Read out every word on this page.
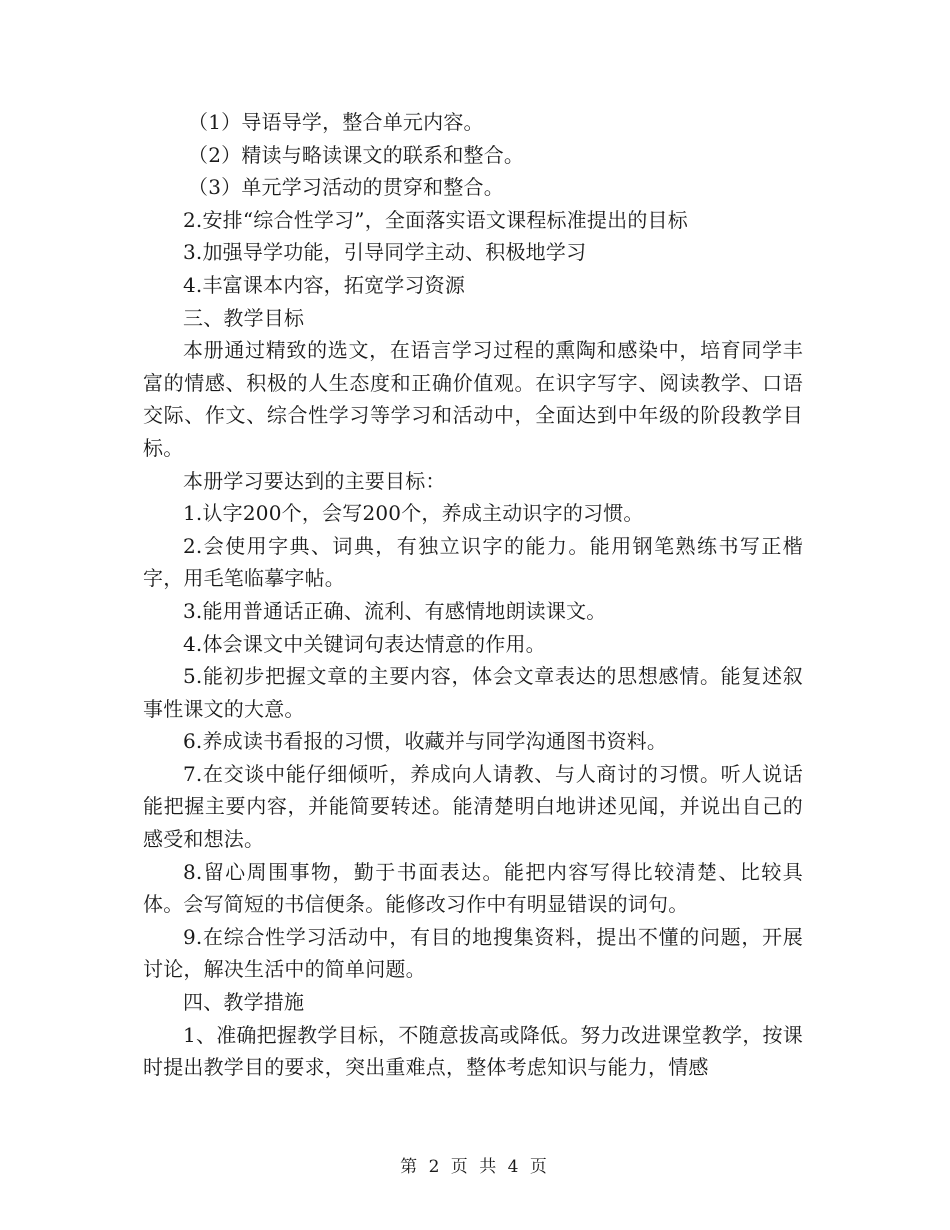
（1）导语导学，整合单元内容。

（2）精读与略读课文的联系和整合。

（3）单元学习活动的贯穿和整合。

2.安排“综合性学习”，全面落实语文课程标准提出的目标

3.加强导学功能，引导同学主动、积极地学习

4.丰富课本内容，拓宽学习资源

三、教学目标

本册通过精致的选文，在语言学习过程的熏陶和感染中，培育同学丰富的情感、积极的人生态度和正确价值观。在识字写字、阅读教学、口语交际、作文、综合性学习等学习和活动中，全面达到中年级的阶段教学目标。

本册学习要达到的主要目标：

1.认字200个，会写200个，养成主动识字的习惯。

2.会使用字典、词典，有独立识字的能力。能用钢笔熟练书写正楷字，用毛笔临摹字帖。

3.能用普通话正确、流利、有感情地朗读课文。

4.体会课文中关键词句表达情意的作用。

5.能初步把握文章的主要内容，体会文章表达的思想感情。能复述叙事性课文的大意。

6.养成读书看报的习惯，收藏并与同学沟通图书资料。

7.在交谈中能仔细倾听，养成向人请教、与人商讨的习惯。听人说话能把握主要内容，并能简要转述。能清楚明白地讲述见闻，并说出自己的感受和想法。

8.留心周围事物，勤于书面表达。能把内容写得比较清楚、比较具体。会写简短的书信便条。能修改习作中有明显错误的词句。

9.在综合性学习活动中，有目的地搜集资料，提出不懂的问题，开展讨论，解决生活中的简单问题。

四、教学措施

1、准确把握教学目标，不随意拔高或降低。努力改进课堂教学，按课时提出教学目的要求，突出重难点，整体考虑知识与能力，情感

第 2 页 共 4 页
